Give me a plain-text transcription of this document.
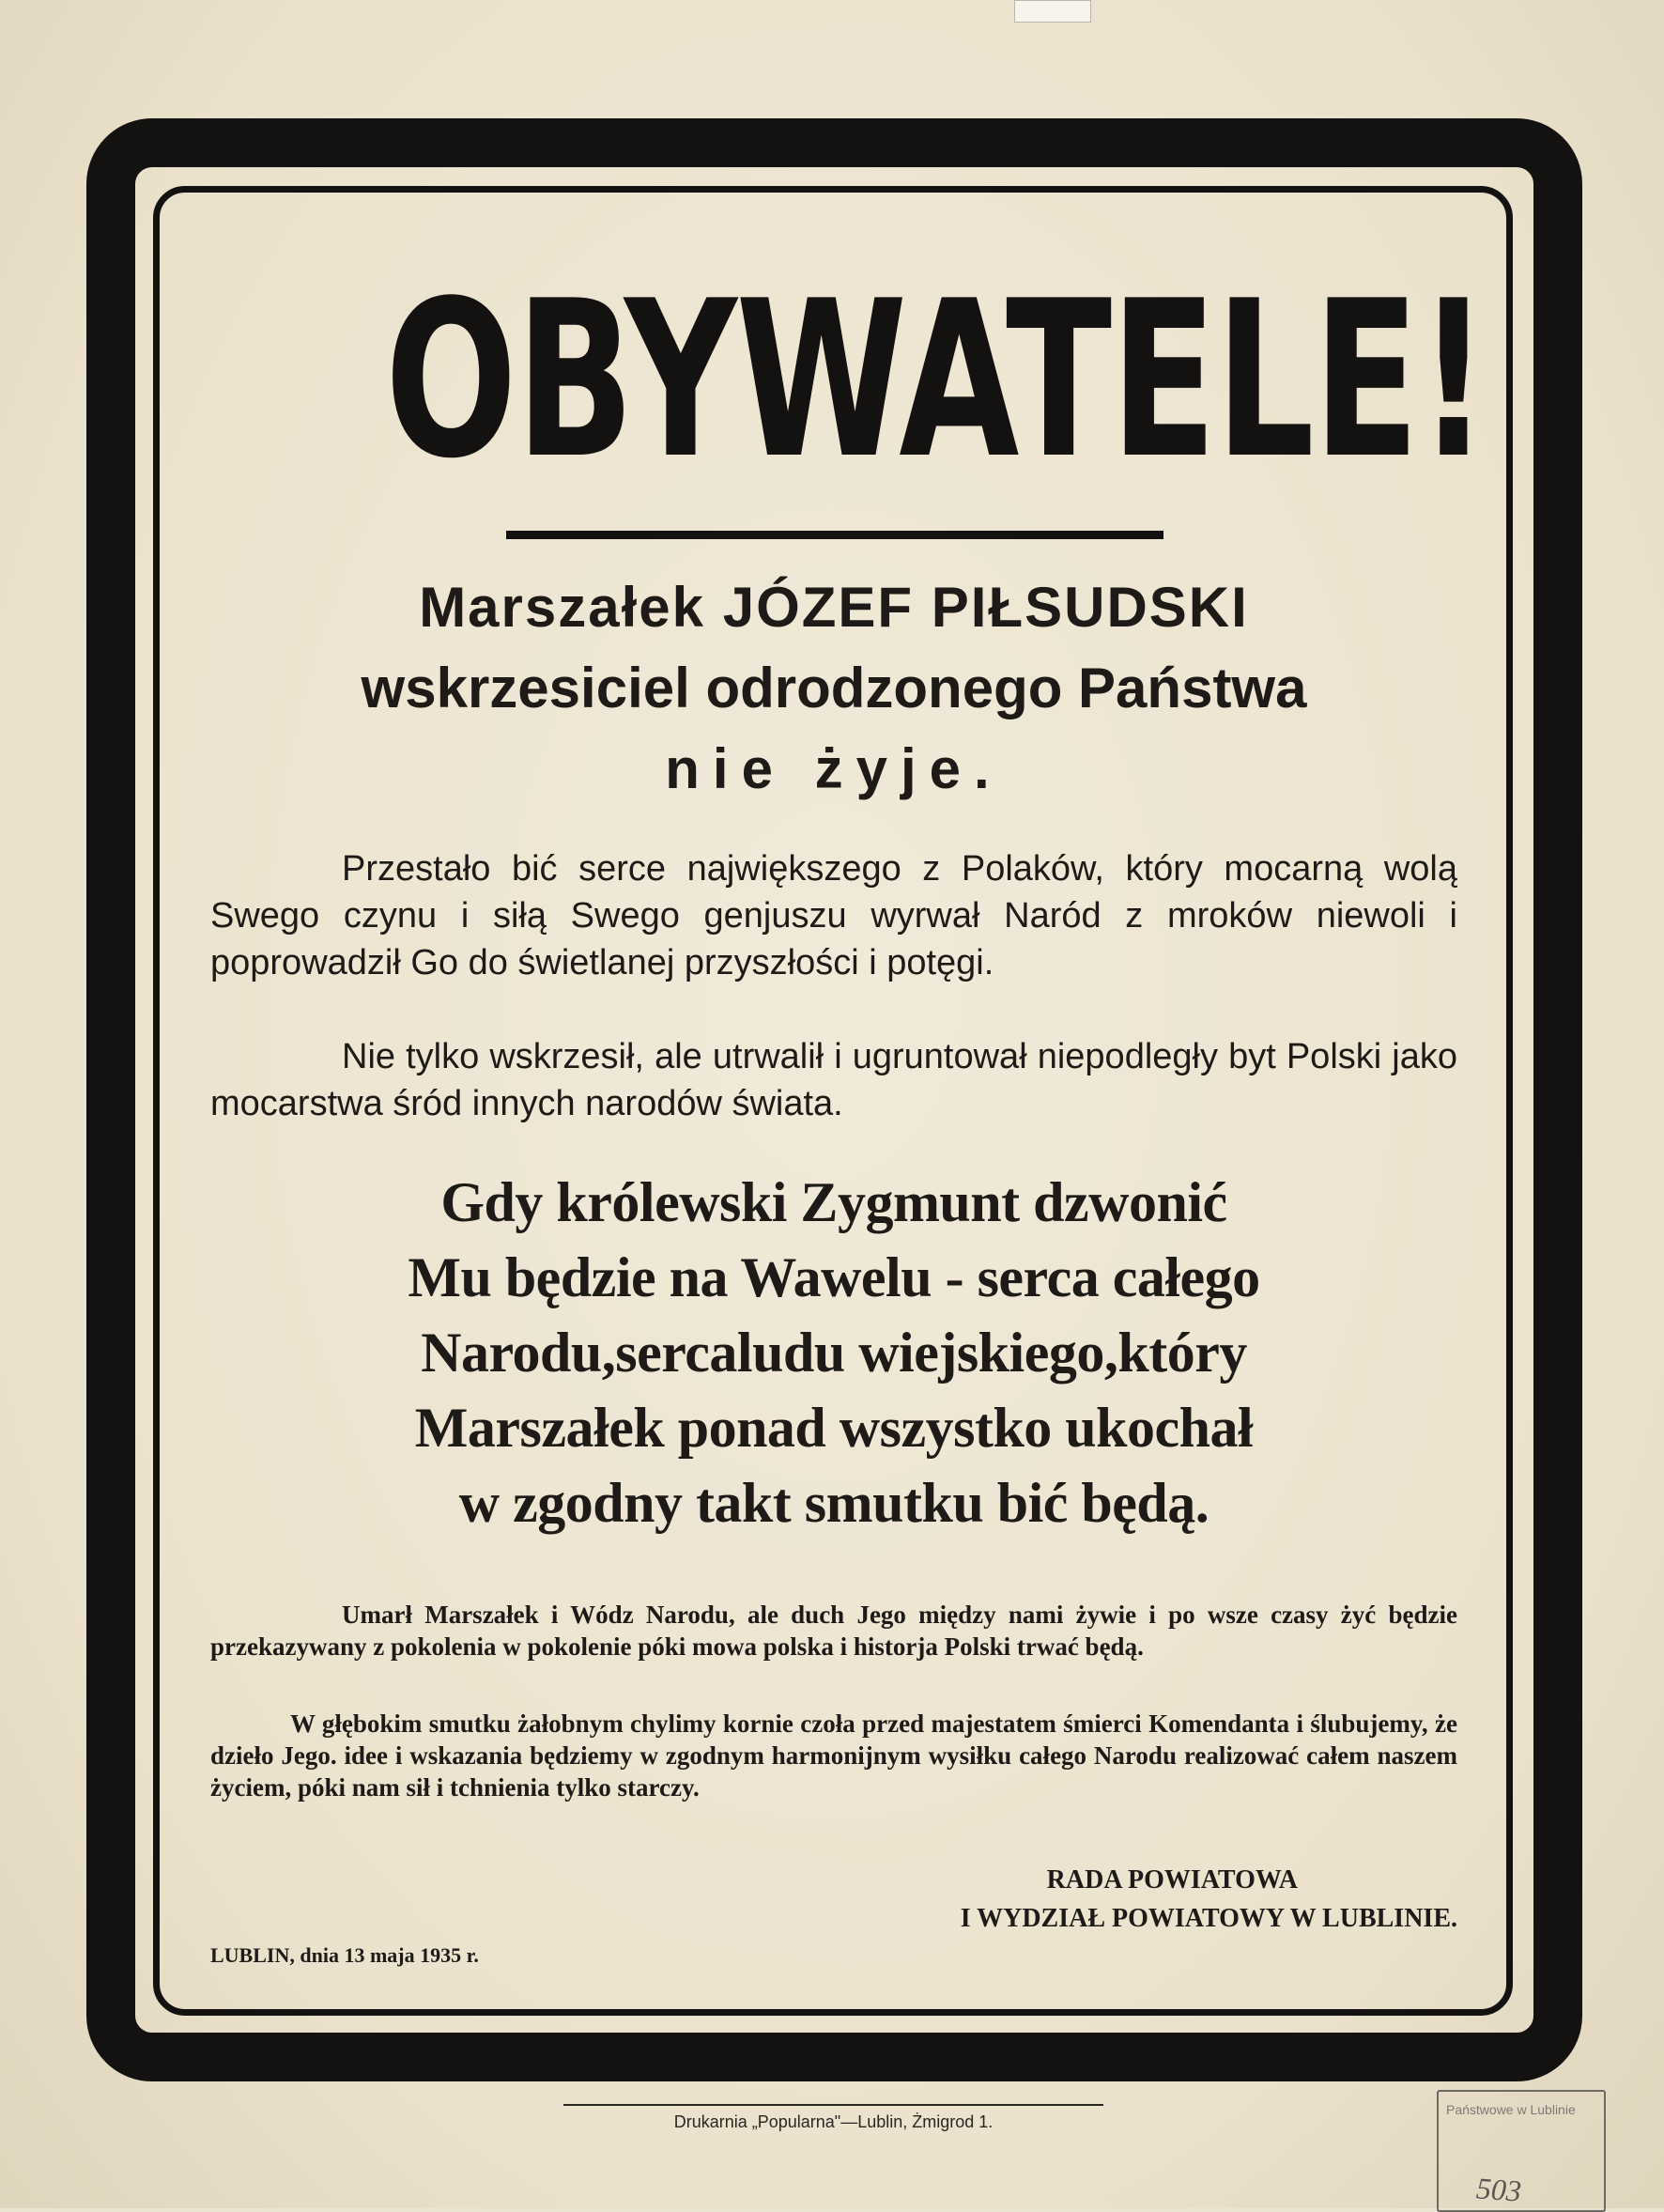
OBYWATELE!
Marszałek JÓZEF PIŁSUDSKI
wskrzesiciel odrodzonego Państwa
nie żyje.

Przestało bić serce największego z Polaków, który mocarną wolą Swego czynu i siłą Swego genjuszu wyrwał Naród z mroków niewoli i poprowadził Go do świetlanej przyszłości i potęgi.

Nie tylko wskrzesił, ale utrwalił i ugruntował niepodległy byt Polski jako mocarstwa śród innych narodów świata.

Gdy królewski Zygmunt dzwonić
Mu będzie na Wawelu - serca całego
Narodu,sercaludu wiejskiego,który
Marszałek ponad wszystko ukochał
w zgodny takt smutku bić będą.

Umarł Marszałek i Wódz Narodu, ale duch Jego między nami żywie i po wsze czasy żyć będzie przekazywany z pokolenia w pokolenie póki mowa polska i historja Polski trwać będą.

W głębokim smutku żałobnym chylimy kornie czoła przed majestatem śmierci Komendanta i ślubujemy, że dzieło Jego. idee i wskazania będziemy w zgodnym harmonijnym wysiłku całego Narodu realizować całem naszem życiem, póki nam sił i tchnienia tylko starczy.

RADA POWIATOWA
I WYDZIAŁ POWIATOWY W LUBLINIE.
LUBLIN, dnia 13 maja 1935 r.
Drukarnia „Popularna"—Lublin, Żmigrod 1.
Państwowe w Lublinie
503
